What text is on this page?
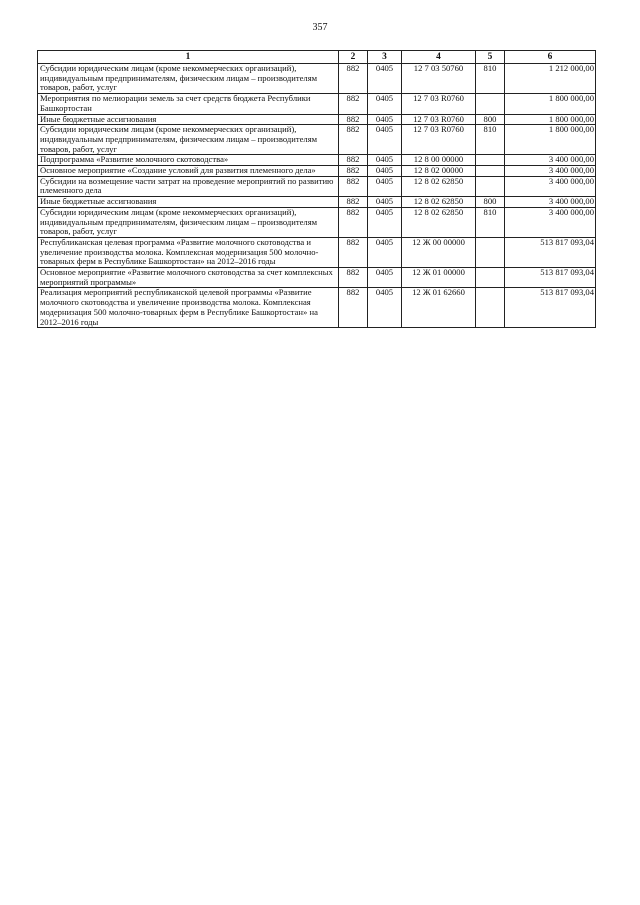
357
1	2	3	4	5	6
Субсидии юридическим лицам (кроме некоммерческих организаций), индивидуальным предпринимателям, физическим лицам – производителям товаров, работ, услуг	882	0405	12 7 03 50760	810	1 212 000,00
Мероприятия по мелиорации земель за счет средств бюджета Республики Башкортостан	882	0405	12 7 03 R0760		1 800 000,00
Иные бюджетные ассигнования	882	0405	12 7 03 R0760	800	1 800 000,00
Субсидии юридическим лицам (кроме некоммерческих организаций), индивидуальным предпринимателям, физическим лицам – производителям товаров, работ, услуг	882	0405	12 7 03 R0760	810	1 800 000,00
Подпрограмма «Развитие молочного скотоводства»	882	0405	12 8 00 00000		3 400 000,00
Основное мероприятие «Создание условий для развития племенного дела»	882	0405	12 8 02 00000		3 400 000,00
Субсидии на возмещение части затрат на проведение мероприятий по развитию племенного дела	882	0405	12 8 02 62850		3 400 000,00
Иные бюджетные ассигнования	882	0405	12 8 02 62850	800	3 400 000,00
Субсидии юридическим лицам (кроме некоммерческих организаций), индивидуальным предпринимателям, физическим лицам – производителям товаров, работ, услуг	882	0405	12 8 02 62850	810	3 400 000,00
Республиканская целевая программа «Развитие молочного скотоводства и увеличение производства молока. Комплексная модернизация 500 молочно-товарных ферм в Республике Башкортостан» на 2012–2016 годы	882	0405	12 Ж 00 00000		513 817 093,04
Основное мероприятие «Развитие молочного скотоводства за счет комплексных мероприятий программы»	882	0405	12 Ж 01 00000		513 817 093,04
Реализация мероприятий республиканской целевой программы «Развитие молочного скотоводства и увеличение производства молока. Комплексная модернизация 500 молочно-товарных ферм в Республике Башкортостан» на 2012–2016 годы	882	0405	12 Ж 01 62660		513 817 093,04
